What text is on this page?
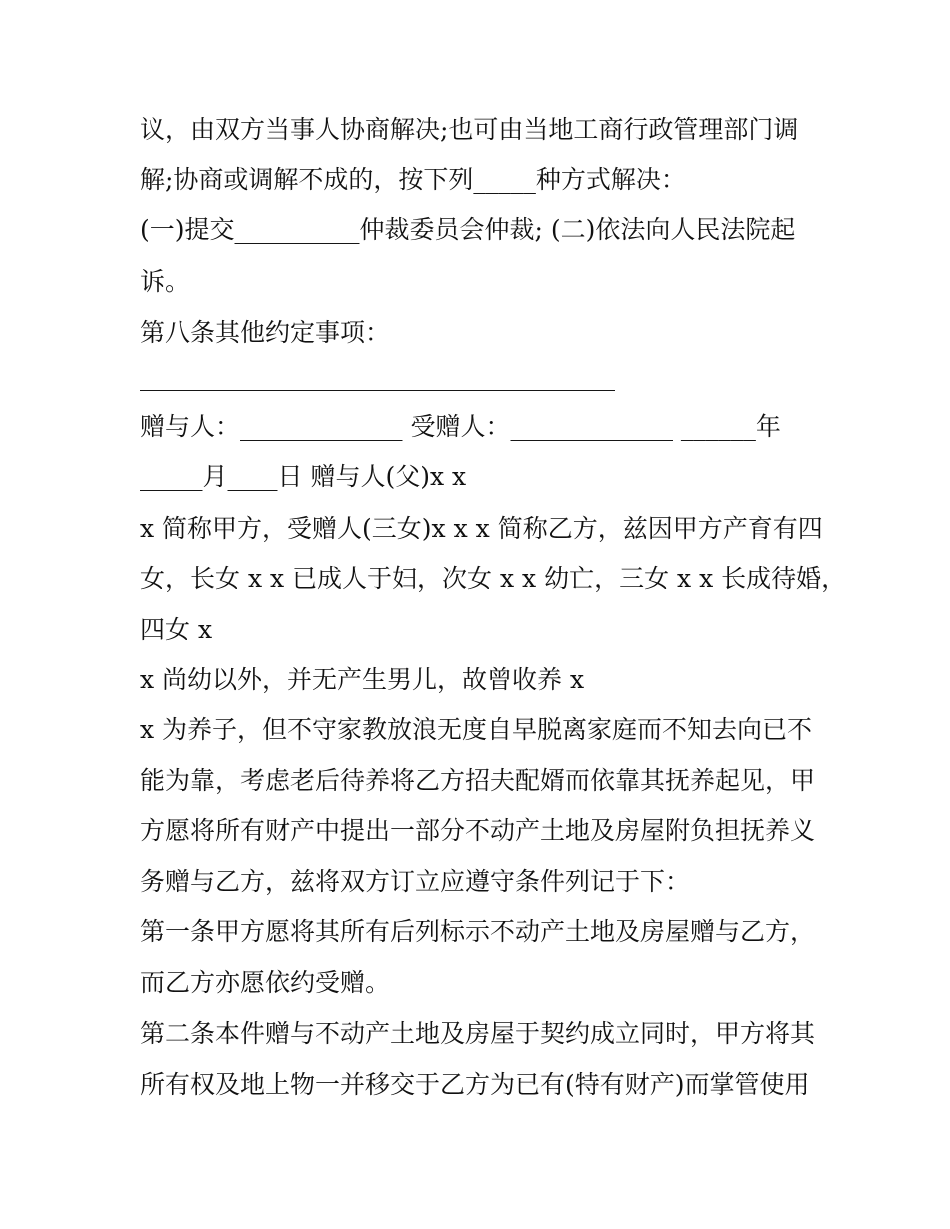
议，由双方当事人协商解决;也可由当地工商行政管理部门调
解;协商或调解不成的，按下列_____种方式解决：
(一)提交__________仲裁委员会仲裁; (二)依法向人民法院起
诉。
第八条其他约定事项：
______________________________________
赠与人：_____________ 受赠人：_____________ ______年
_____月____日 赠与人(父)x x
x 简称甲方，受赠人(三女)x x x 简称乙方，兹因甲方产育有四
女，长女 x x 已成人于妇，次女 x x 幼亡，三女 x x 长成待婚，
四女 x
x 尚幼以外，并无产生男儿，故曾收养 x
x 为养子，但不守家教放浪无度自早脱离家庭而不知去向已不
能为靠，考虑老后待养将乙方招夫配婿而依靠其抚养起见，甲
方愿将所有财产中提出一部分不动产土地及房屋附负担抚养义
务赠与乙方，兹将双方订立应遵守条件列记于下：
第一条甲方愿将其所有后列标示不动产土地及房屋赠与乙方，
而乙方亦愿依约受赠。
第二条本件赠与不动产土地及房屋于契约成立同时，甲方将其
所有权及地上物一并移交于乙方为已有(特有财产)而掌管使用
